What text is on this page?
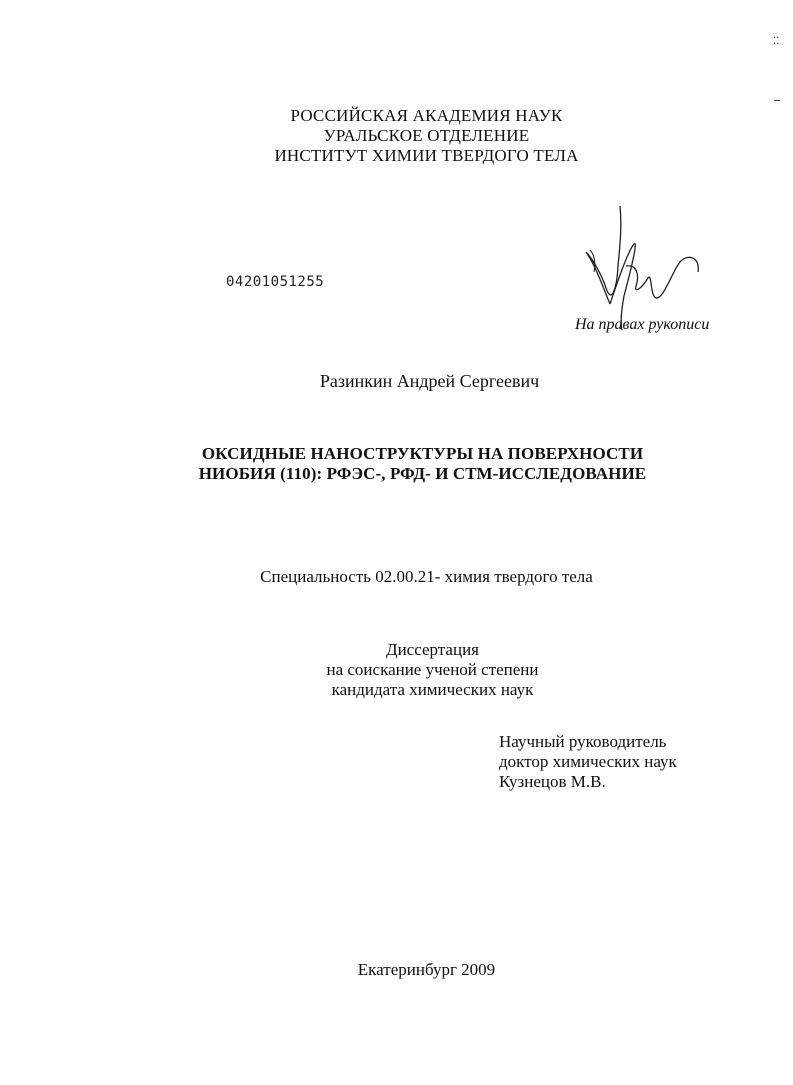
⁚⁚
РОССИЙСКАЯ АКАДЕМИЯ НАУК
УРАЛЬСКОЕ ОТДЕЛЕНИЕ
ИНСТИТУТ ХИМИИ ТВЕРДОГО ТЕЛА
04201051255
На правах рукописи
Разинкин Андрей Сергеевич
ОКСИДНЫЕ НАНОСТРУКТУРЫ НА ПОВЕРХНОСТИ
НИОБИЯ (110): РФЭС-, РФД- И СТМ-ИССЛЕДОВАНИЕ
Специальность 02.00.21- химия твердого тела
Диссертация
на соискание ученой степени
кандидата химических наук
Научный руководитель
доктор химических наук
Кузнецов М.В.
Екатеринбург 2009
